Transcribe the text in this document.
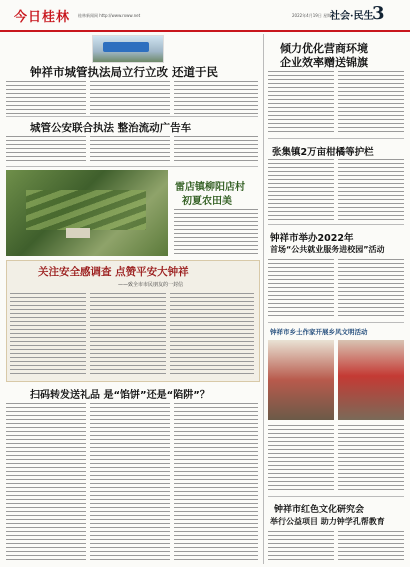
今日桂林 桂林新闻网 http://www.rxww.net	2022年4月19日 星期二
社会·民生
3
钟祥市城管执法局立行立改 还道于民
城管公安联合执法 整治流动广告车
雷店镇柳阳店村
初夏农田美
关注安全感调查 点赞平安大钟祥
——致全市市民朋友的一封信
扫码转发送礼品 是“馅饼”还是“陷阱”？
倾力优化营商环境
企业效率赠送锦旗
张集镇2万亩柑橘等护栏
钟祥市举办2022年
首场“公共就业服务进校园”活动
钟祥市乡土作家开展乡风文明活动
钟祥市红色文化研究会
举行公益项目 助力钟学孔帮教育
